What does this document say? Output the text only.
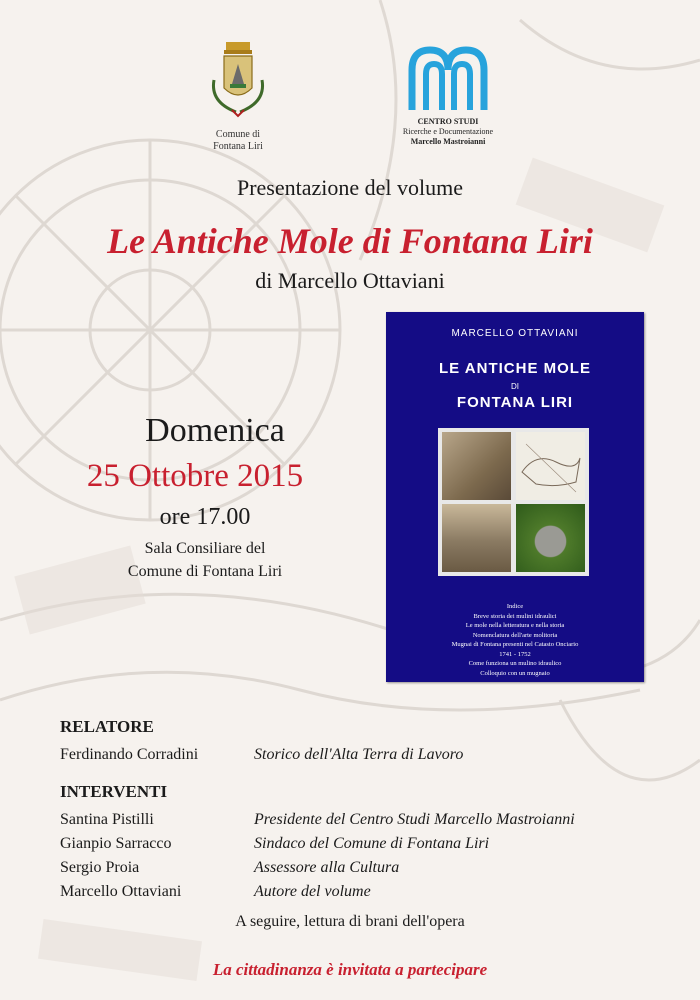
Comune di
Fontana Liri
CENTRO STUDI
Ricerche e Documentazione
Marcello Mastroianni
Presentazione del volume
Le Antiche Mole di Fontana Liri
di Marcello Ottaviani
Domenica
25 Ottobre 2015
ore 17.00
Sala Consiliare del
Comune di Fontana Liri
MARCELLO OTTAVIANI
LE ANTICHE MOLE
DI
FONTANA LIRI
Indice
Breve storia dei mulini idraulici
Le mole nella letteratura e nella storia
Nomenclatura dell'arte molitoria
Mugnai di Fontana presenti nel Catasto Onciario
1741 - 1752
Come funziona un mulino idraulico
Colloquio con un mugnaio
RELATORE
Ferdinando Corradini	Storico dell'Alta Terra di Lavoro
INTERVENTI
Santina Pistilli	Presidente del Centro Studi Marcello Mastroianni
Gianpio Sarracco	Sindaco del Comune di Fontana Liri
Sergio Proia	Assessore alla Cultura
Marcello Ottaviani	Autore del volume
A seguire, lettura di brani dell'opera
La cittadinanza è invitata a partecipare
